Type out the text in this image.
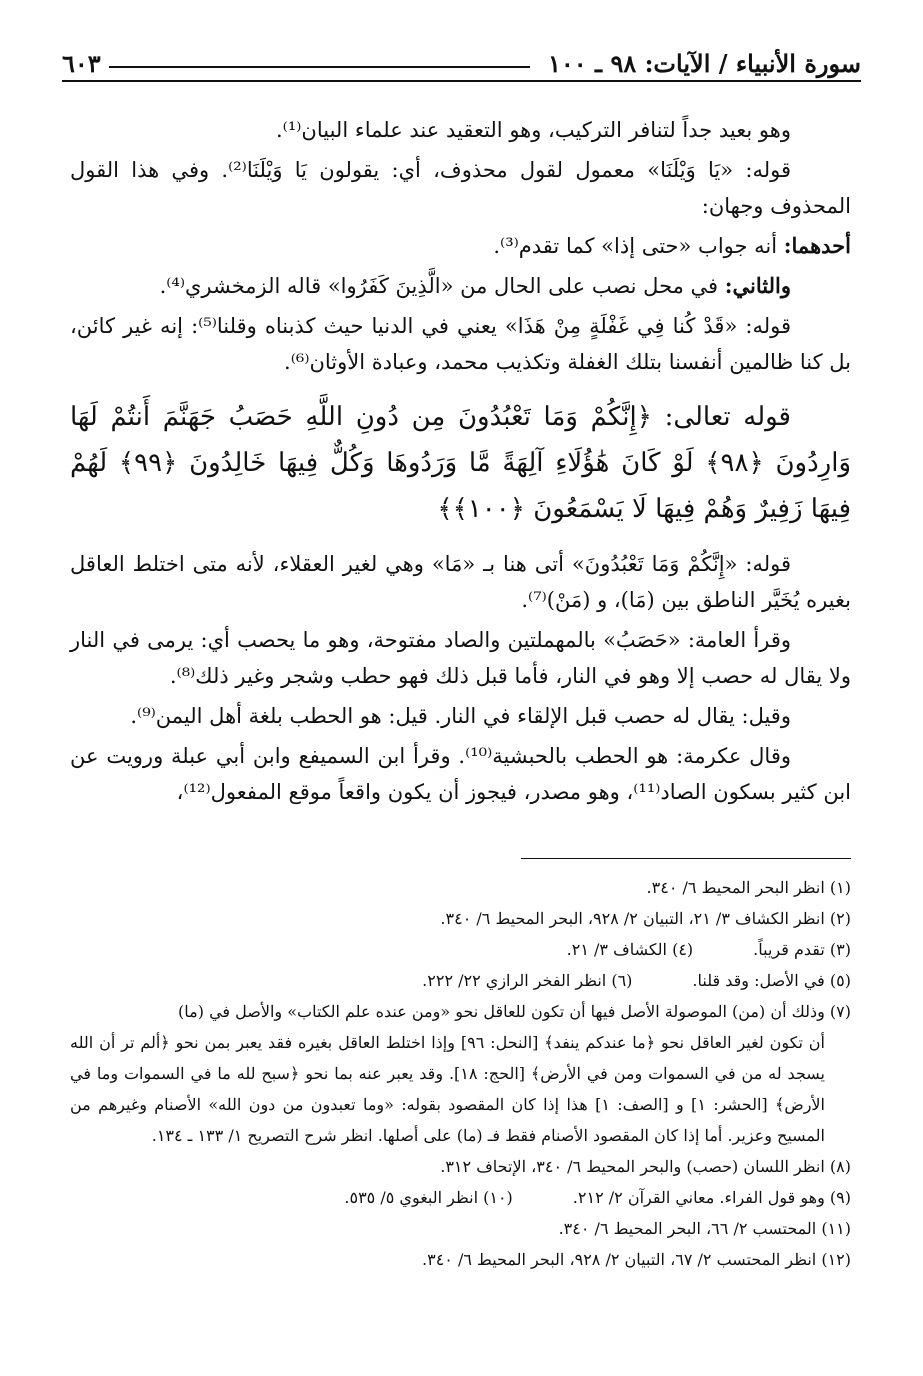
سورة الأنبياء / الآيات: ٩٨ ـ ١٠٠
٦٠٣

وهو بعيد جداً لتنافر التركيب، وهو التعقيد عند علماء البيان⁽¹⁾.

قوله: «يَا وَيْلَنَا» معمول لقول محذوف، أي: يقولون يَا وَيْلَنَا⁽²⁾. وفي هذا القول المحذوف وجهان:

أحدهما: أنه جواب «حتى إذا» كما تقدم⁽³⁾.

والثاني: في محل نصب على الحال من «الَّذِينَ كَفَرُوا» قاله الزمخشري⁽⁴⁾.

قوله: «قَدْ كُنا فِي غَفْلَةٍ مِنْ هَذَا» يعني في الدنيا حيث كذبناه وقلنا⁽⁵⁾: إنه غير كائن، بل كنا ظالمين أنفسنا بتلك الغفلة وتكذيب محمد، وعبادة الأوثان⁽⁶⁾.

قوله تعالى: ﴿إِنَّكُمْ وَمَا تَعْبُدُونَ مِن دُونِ اللَّهِ حَصَبُ جَهَنَّمَ أَنتُمْ لَهَا وَارِدُونَ ﴿٩٨﴾ لَوْ كَانَ هَٰؤُلَاءِ آلِهَةً مَّا وَرَدُوهَا وَكُلٌّ فِيهَا خَالِدُونَ ﴿٩٩﴾ لَهُمْ فِيهَا زَفِيرٌ وَهُمْ فِيهَا لَا يَسْمَعُونَ ﴿١٠٠﴾﴾

قوله: «إِنَّكُمْ وَمَا تَعْبُدُونَ» أتى هنا بـ «مَا» وهي لغير العقلاء، لأنه متى اختلط العاقل بغيره يُخَيَّر الناطق بين (مَا)، و (مَنْ)⁽⁷⁾.

وقرأ العامة: «حَصَبُ» بالمهملتين والصاد مفتوحة، وهو ما يحصب أي: يرمى في النار ولا يقال له حصب إلا وهو في النار، فأما قبل ذلك فهو حطب وشجر وغير ذلك⁽⁸⁾.

وقيل: يقال له حصب قبل الإلقاء في النار. قيل: هو الحطب بلغة أهل اليمن⁽⁹⁾.

وقال عكرمة: هو الحطب بالحبشية⁽¹⁰⁾. وقرأ ابن السميفع وابن أبي عبلة ورويت عن ابن كثير بسكون الصاد⁽¹¹⁾، وهو مصدر، فيجوز أن يكون واقعاً موقع المفعول⁽¹²⁾،

(١) انظر البحر المحيط ٦/ ٣٤٠.

(٢) انظر الكشاف ٣/ ٢١، التبيان ٢/ ٩٢٨، البحر المحيط ٦/ ٣٤٠.

(٣) تقدم قريباً.
(٤) الكشاف ٣/ ٢١.
(٥) في الأصل: وقد قلنا.
(٦) انظر الفخر الرازي ٢٢/ ٢٢٢.

(٧) وذلك أن (من) الموصولة الأصل فيها أن تكون للعاقل نحو «ومن عنده علم الكتاب» والأصل في (ما)

أن تكون لغير العاقل نحو ﴿ما عندكم ينفد﴾ [النحل: ٩٦] وإذا اختلط العاقل بغيره فقد يعبر بمن نحو ﴿ألم تر أن الله يسجد له من في السموات ومن في الأرض﴾ [الحج: ١٨]. وقد يعبر عنه بما نحو ﴿سبح لله ما في السموات وما في الأرض﴾ [الحشر: ١] و [الصف: ١] هذا إذا كان المقصود بقوله: «وما تعبدون من دون الله» الأصنام وغيرهم من المسيح وعزير. أما إذا كان المقصود الأصنام فقط فـ (ما) على أصلها. انظر شرح التصريح ١/ ١٣٣ ـ ١٣٤.

(٨) انظر اللسان (حصب) والبحر المحيط ٦/ ٣٤٠، الإتحاف ٣١٢.

(٩) وهو قول الفراء. معاني القرآن ٢/ ٢١٢.
(١٠) انظر البغوي ٥/ ٥٣٥.

(١١) المحتسب ٢/ ٦٦، البحر المحيط ٦/ ٣٤٠.

(١٢) انظر المحتسب ٢/ ٦٧، التبيان ٢/ ٩٢٨، البحر المحيط ٦/ ٣٤٠.
